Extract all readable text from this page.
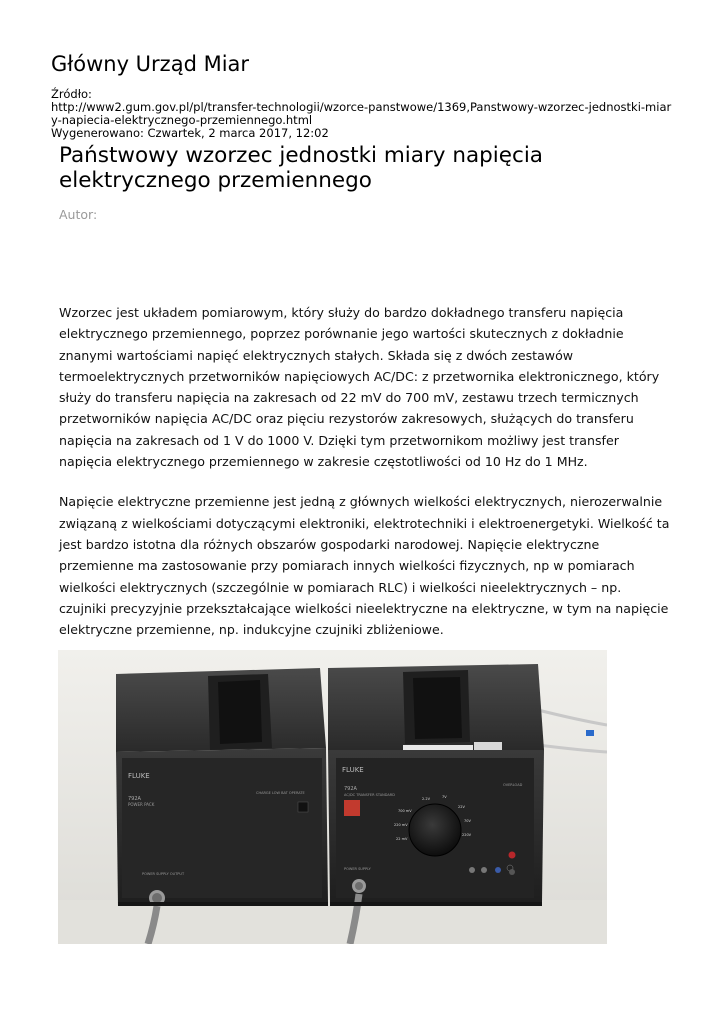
Główny Urząd Miar
Źródło:
http://www2.gum.gov.pl/pl/transfer-technologii/wzorce-panstwowe/1369,Panstwowy-wzorzec-jednostki-miary-napiecia-elektrycznego-przemiennego.html
Wygenerowano: Czwartek, 2 marca 2017, 12:02
Państwowy wzorzec jednostki miary napięcia elektrycznego przemiennego
Autor:

Wzorzec jest układem pomiarowym, który służy do bardzo dokładnego transferu napięcia elektrycznego przemiennego, poprzez porównanie jego wartości skutecznych z dokładnie znanymi wartościami napięć elektrycznych stałych. Składa się z dwóch zestawów termoelektrycznych przetworników napięciowych AC/DC: z przetwornika elektronicznego, który służy do transferu napięcia na zakresach od 22 mV do 700 mV, zestawu trzech termicznych przetworników napięcia AC/DC oraz pięciu rezystorów zakresowych, służących do transferu napięcia na zakresach od 1 V do 1000 V. Dzięki tym przetwornikom możliwy jest transfer napięcia elektrycznego przemiennego w zakresie częstotliwości od 10 Hz do 1 MHz.

Napięcie elektryczne przemienne jest jedną z głównych wielkości elektrycznych, nierozerwalnie związaną z wielkościami dotyczącymi elektroniki, elektrotechniki i elektroenergetyki. Wielkość ta jest bardzo istotna dla różnych obszarów gospodarki narodowej. Napięcie elektryczne przemienne ma zastosowanie przy pomiarach innych wielkości fizycznych, np w pomiarach wielkości elektrycznych (szczególnie w pomiarach RLC) i wielkości nieelektrycznych – np. czujniki precyzyjnie przekształcające wielkości nieelektryczne na elektryczne, w tym na napięcie elektryczne przemienne, np. indukcyjne czujniki zbliżeniowe.

FLUKE
792A
POWER PACK
CHARGE LOW BAT OPERATE
POWER SUPPLY OUTPUT
FLUKE
792A
AC/DC TRANSFER STANDARD
OVERLOAD
700 mV
220 mV
22 mV
2.2V	7V
22V
70V
220V
POWER SUPPLY
